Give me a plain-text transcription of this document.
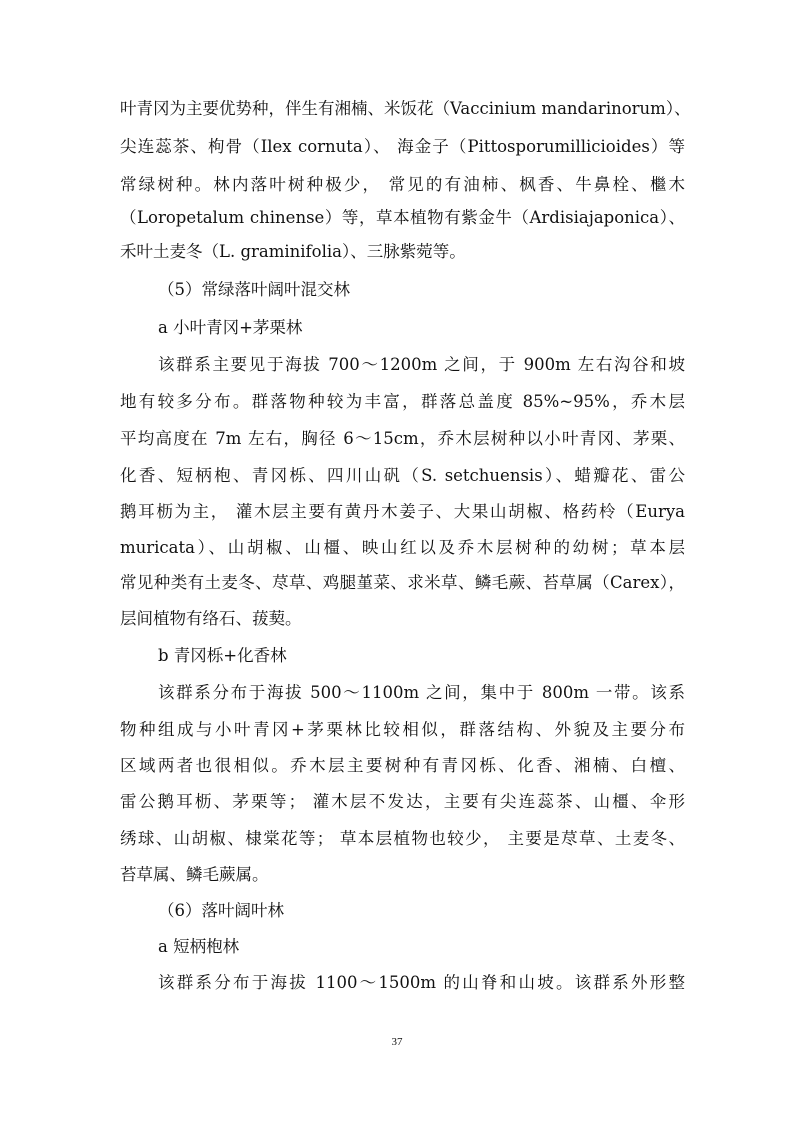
叶青冈为主要优势种，伴生有湘楠、米饭花（Vaccinium mandarinorum）、
尖连蕊茶、枸骨（Ilex cornuta）、 海金子（Pittosporumillicioides）等
常绿树种。林内落叶树种极少， 常见的有油柿、枫香、牛鼻栓、檵木
（Loropetalum chinense）等，草本植物有紫金牛（Ardisiajaponica）、
禾叶土麦冬（L. graminifolia）、三脉紫菀等。
（5）常绿落叶阔叶混交林
a 小叶青冈+茅栗林
该群系主要见于海拔 700～1200m 之间，于 900m 左右沟谷和坡
地有较多分布。群落物种较为丰富，群落总盖度 85%~95%，乔木层
平均高度在 7m 左右，胸径 6～15cm，乔木层树种以小叶青冈、茅栗、
化香、短柄枹、青冈栎、四川山矾（S. setchuensis）、蜡瓣花、雷公
鹅耳枥为主， 灌木层主要有黄丹木姜子、大果山胡椒、格药柃（Eurya
muricata）、山胡椒、山橿、映山红以及乔木层树种的幼树；草本层
常见种类有土麦冬、荩草、鸡腿堇菜、求米草、鳞毛蕨、苔草属（Carex），
层间植物有络石、菝葜。
b 青冈栎+化香林
该群系分布于海拔 500～1100m 之间，集中于 800m 一带。该系
物种组成与小叶青冈+茅栗林比较相似，群落结构、外貌及主要分布
区域两者也很相似。乔木层主要树种有青冈栎、化香、湘楠、白檀、
雷公鹅耳枥、茅栗等； 灌木层不发达，主要有尖连蕊茶、山橿、伞形
绣球、山胡椒、棣棠花等； 草本层植物也较少， 主要是荩草、土麦冬、
苔草属、鳞毛蕨属。
（6）落叶阔叶林
a 短柄枹林
该群系分布于海拔 1100～1500m 的山脊和山坡。该群系外形整
37
